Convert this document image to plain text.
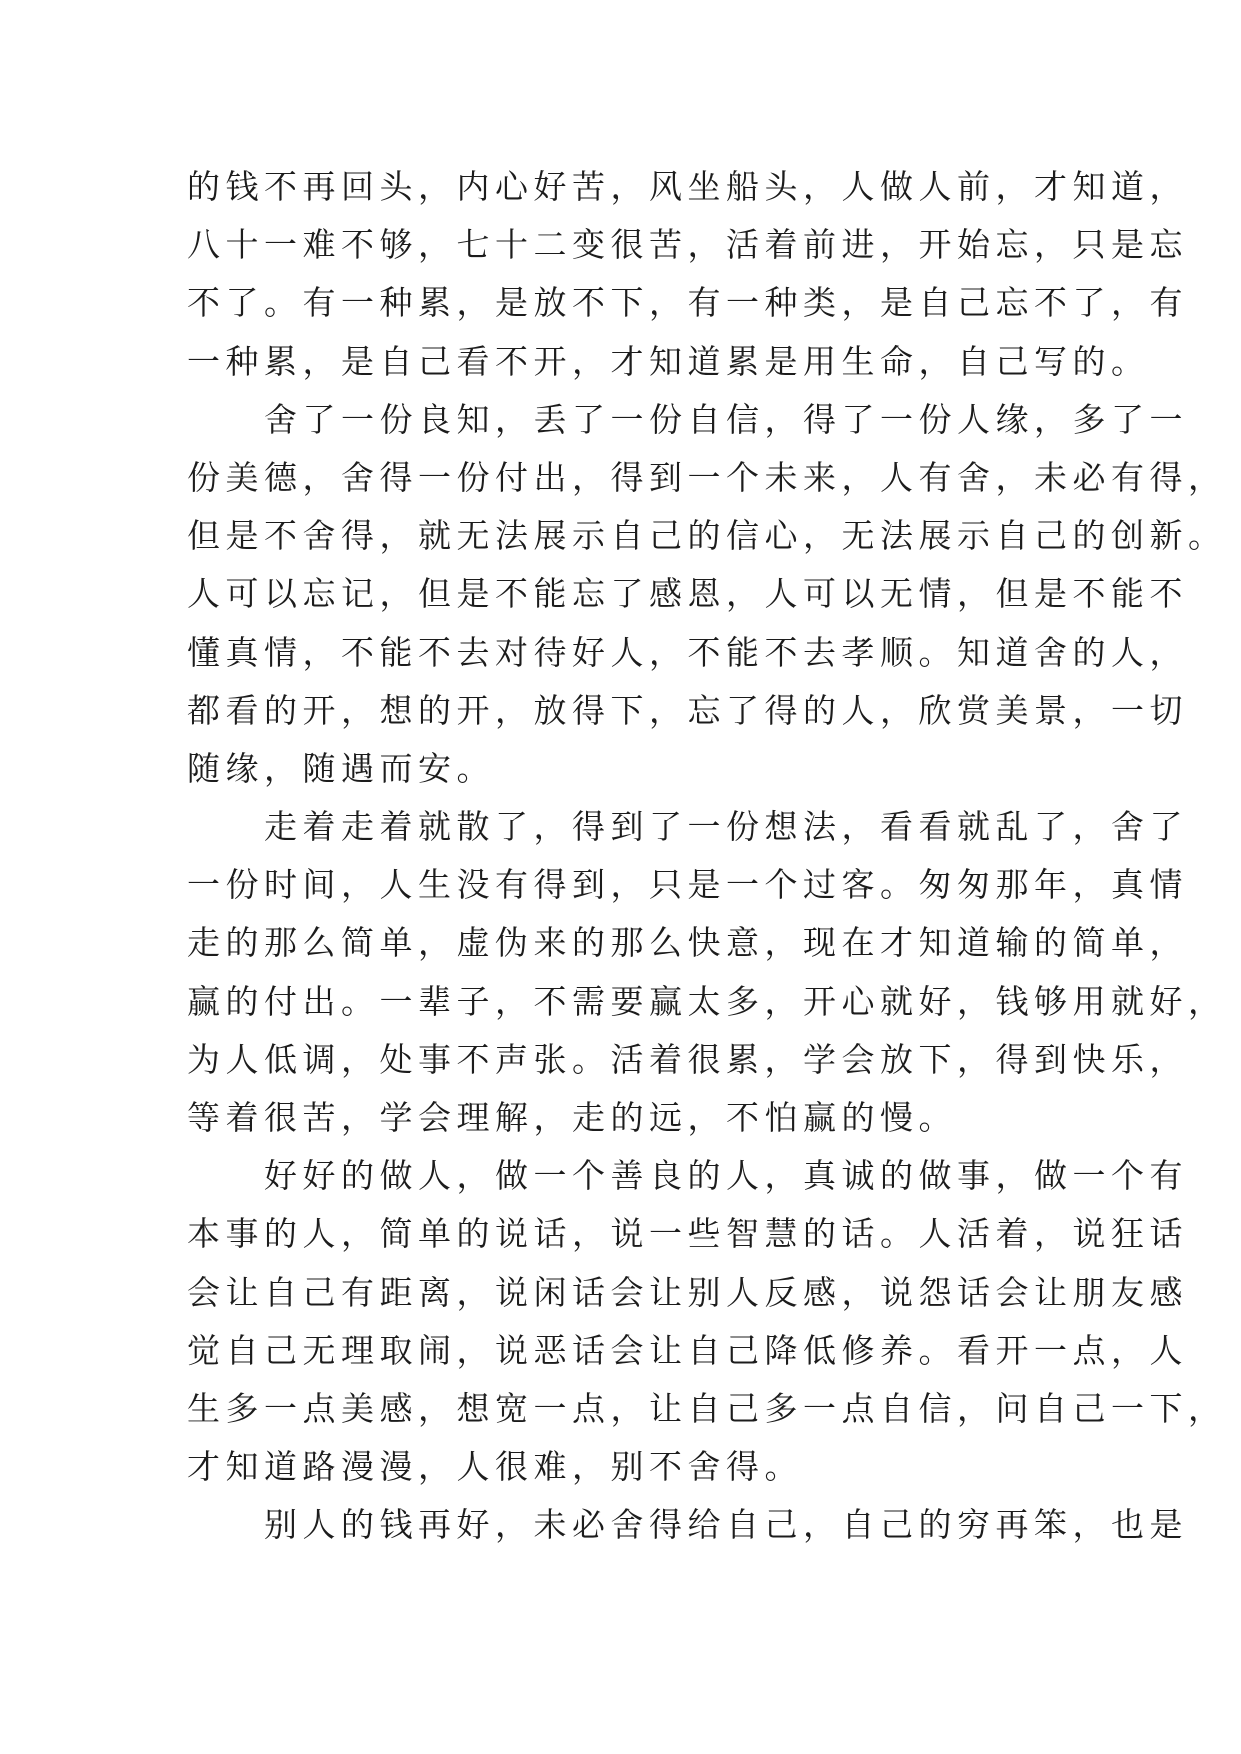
的钱不再回头，内心好苦，风坐船头，人做人前，才知道，
八十一难不够，七十二变很苦，活着前进，开始忘，只是忘
不了。有一种累，是放不下，有一种类，是自己忘不了，有
一种累，是自己看不开，才知道累是用生命，自己写的。
　　舍了一份良知，丢了一份自信，得了一份人缘，多了一
份美德，舍得一份付出，得到一个未来，人有舍，未必有得，
但是不舍得，就无法展示自己的信心，无法展示自己的创新。
人可以忘记，但是不能忘了感恩，人可以无情，但是不能不
懂真情，不能不去对待好人，不能不去孝顺。知道舍的人，
都看的开，想的开，放得下，忘了得的人，欣赏美景，一切
随缘，随遇而安。
　　走着走着就散了，得到了一份想法，看看就乱了，舍了
一份时间，人生没有得到，只是一个过客。匆匆那年，真情
走的那么简单，虚伪来的那么快意，现在才知道输的简单，
赢的付出。一辈子，不需要赢太多，开心就好，钱够用就好，
为人低调，处事不声张。活着很累，学会放下，得到快乐，
等着很苦，学会理解，走的远，不怕赢的慢。
　　好好的做人，做一个善良的人，真诚的做事，做一个有
本事的人，简单的说话，说一些智慧的话。人活着，说狂话
会让自己有距离，说闲话会让别人反感，说怨话会让朋友感
觉自己无理取闹，说恶话会让自己降低修养。看开一点，人
生多一点美感，想宽一点，让自己多一点自信，问自己一下，
才知道路漫漫，人很难，别不舍得。
　　别人的钱再好，未必舍得给自己，自己的穷再笨，也是
